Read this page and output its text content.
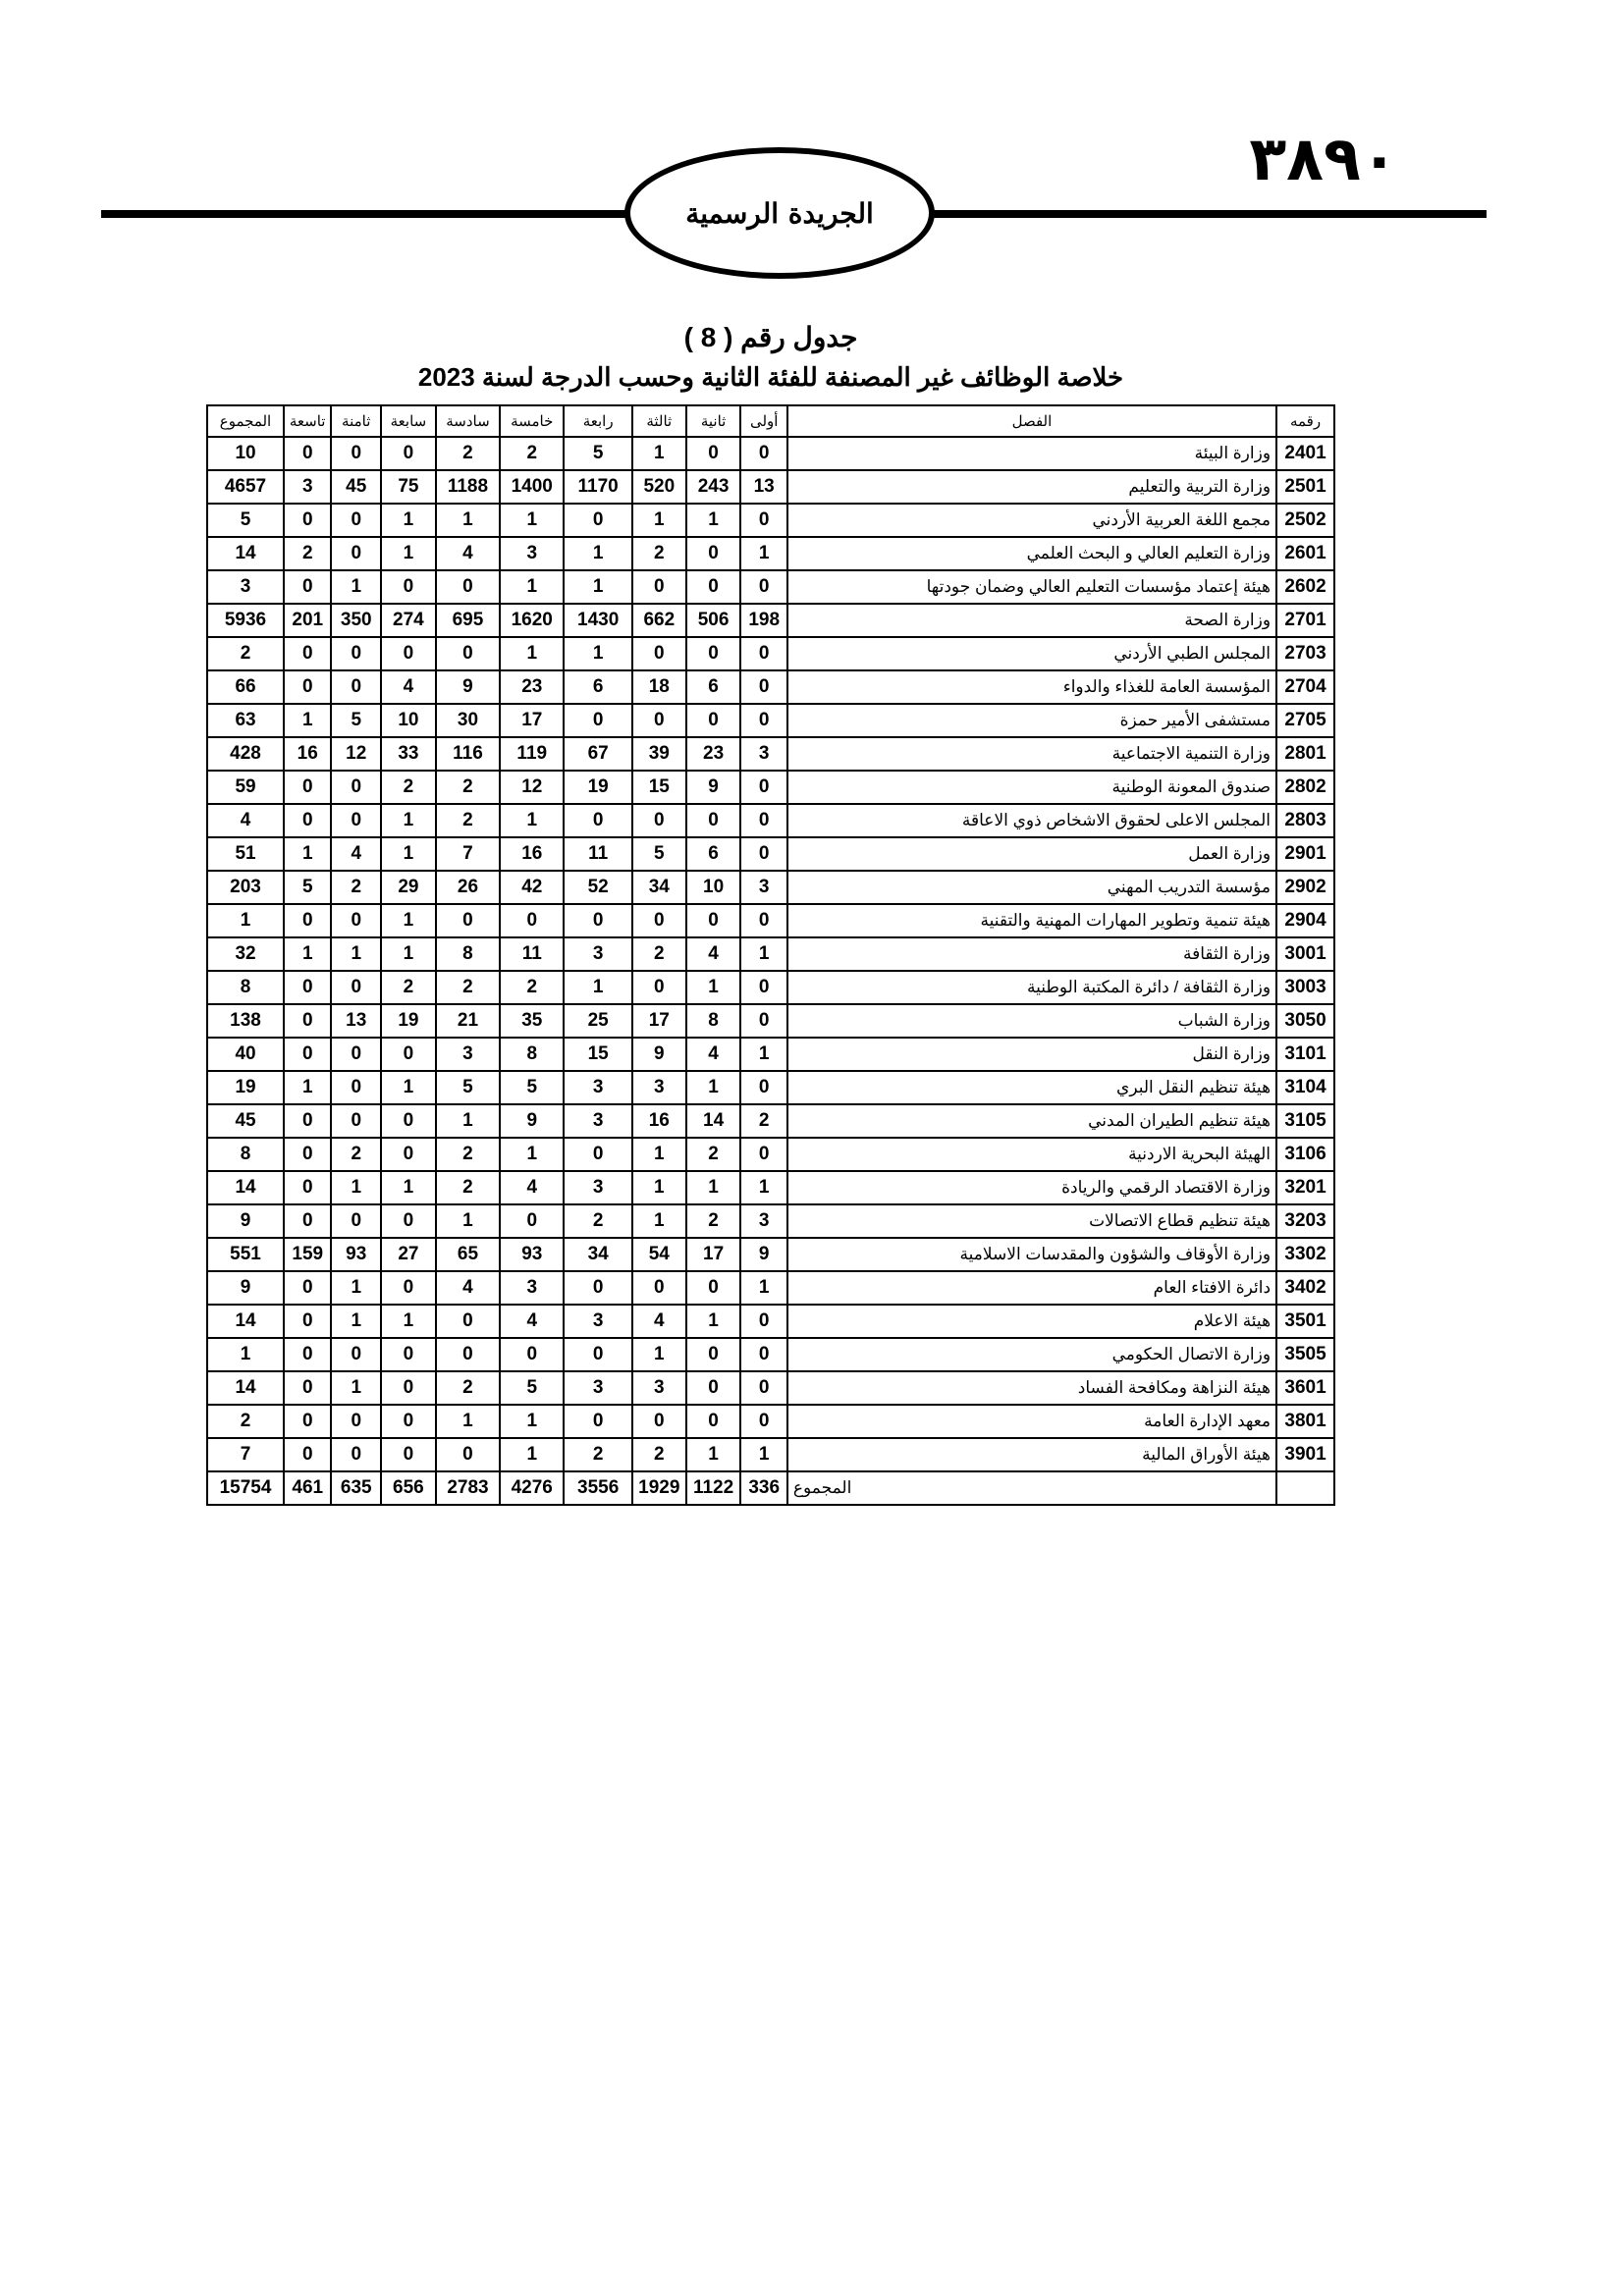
٣٨٩٠
الجريدة الرسمية
جدول رقم ( 8 )
خلاصة الوظائف غير المصنفة للفئة الثانية وحسب الدرجة لسنة 2023
رقمه	الفصل	أولى	ثانية	ثالثة	رابعة	خامسة	سادسة	سابعة	ثامنة	تاسعة	المجموع
2401	وزارة البيئة	0	0	1	5	2	2	0	0	0	10
2501	وزارة التربية والتعليم	13	243	520	1170	1400	1188	75	45	3	4657
2502	مجمع اللغة العربية الأردني	0	1	1	0	1	1	1	0	0	5
2601	وزارة التعليم العالي و البحث العلمي	1	0	2	1	3	4	1	0	2	14
2602	هيئة إعتماد مؤسسات التعليم العالي وضمان جودتها	0	0	0	1	1	0	0	1	0	3
2701	وزارة الصحة	198	506	662	1430	1620	695	274	350	201	5936
2703	المجلس الطبي الأردني	0	0	0	1	1	0	0	0	0	2
2704	المؤسسة العامة للغذاء والدواء	0	6	18	6	23	9	4	0	0	66
2705	مستشفى الأمير حمزة	0	0	0	0	17	30	10	5	1	63
2801	وزارة التنمية الاجتماعية	3	23	39	67	119	116	33	12	16	428
2802	صندوق المعونة الوطنية	0	9	15	19	12	2	2	0	0	59
2803	المجلس الاعلى لحقوق الاشخاص ذوي الاعاقة	0	0	0	0	1	2	1	0	0	4
2901	وزارة العمل	0	6	5	11	16	7	1	4	1	51
2902	مؤسسة التدريب المهني	3	10	34	52	42	26	29	2	5	203
2904	هيئة تنمية وتطوير المهارات المهنية والتقنية	0	0	0	0	0	0	1	0	0	1
3001	وزارة الثقافة	1	4	2	3	11	8	1	1	1	32
3003	وزارة الثقافة / دائرة المكتبة الوطنية	0	1	0	1	2	2	2	0	0	8
3050	وزارة الشباب	0	8	17	25	35	21	19	13	0	138
3101	وزارة النقل	1	4	9	15	8	3	0	0	0	40
3104	هيئة تنظيم النقل البري	0	1	3	3	5	5	1	0	1	19
3105	هيئة تنظيم الطيران المدني	2	14	16	3	9	1	0	0	0	45
3106	الهيئة البحرية الاردنية	0	2	1	0	1	2	0	2	0	8
3201	وزارة الاقتصاد الرقمي والريادة	1	1	1	3	4	2	1	1	0	14
3203	هيئة تنظيم قطاع الاتصالات	3	2	1	2	0	1	0	0	0	9
3302	وزارة الأوقاف والشؤون والمقدسات الاسلامية	9	17	54	34	93	65	27	93	159	551
3402	دائرة الافتاء العام	1	0	0	0	3	4	0	1	0	9
3501	هيئة الاعلام	0	1	4	3	4	0	1	1	0	14
3505	وزارة الاتصال الحكومي	0	0	1	0	0	0	0	0	0	1
3601	هيئة النزاهة ومكافحة الفساد	0	0	3	3	5	2	0	1	0	14
3801	معهد الإدارة العامة	0	0	0	0	1	1	0	0	0	2
3901	هيئة الأوراق المالية	1	1	2	2	1	0	0	0	0	7
	المجموع	336	1122	1929	3556	4276	2783	656	635	461	15754
